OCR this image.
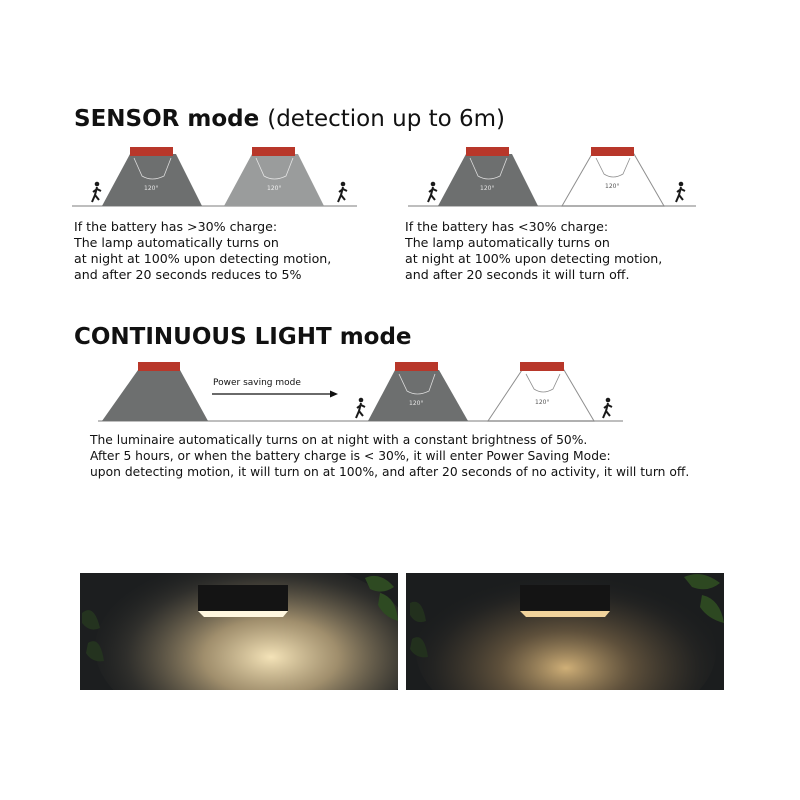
SENSOR mode (detection up to 6m)
120°	120°	120°	120°
If the battery has >30% charge:
The lamp automatically turns on
at night at 100% upon detecting motion,
and after 20 seconds reduces to 5%
If the battery has <30% charge:
The lamp automatically turns on
at night at 100% upon detecting motion,
and after 20 seconds it will turn off.
CONTINUOUS LIGHT mode
Power saving mode
120°	120°
The luminaire automatically turns on at night with a constant brightness of 50%.
After 5 hours, or when the battery charge is < 30%, it will enter Power Saving Mode:
upon detecting motion, it will turn on at 100%, and after 20 seconds of no activity, it will turn off.
